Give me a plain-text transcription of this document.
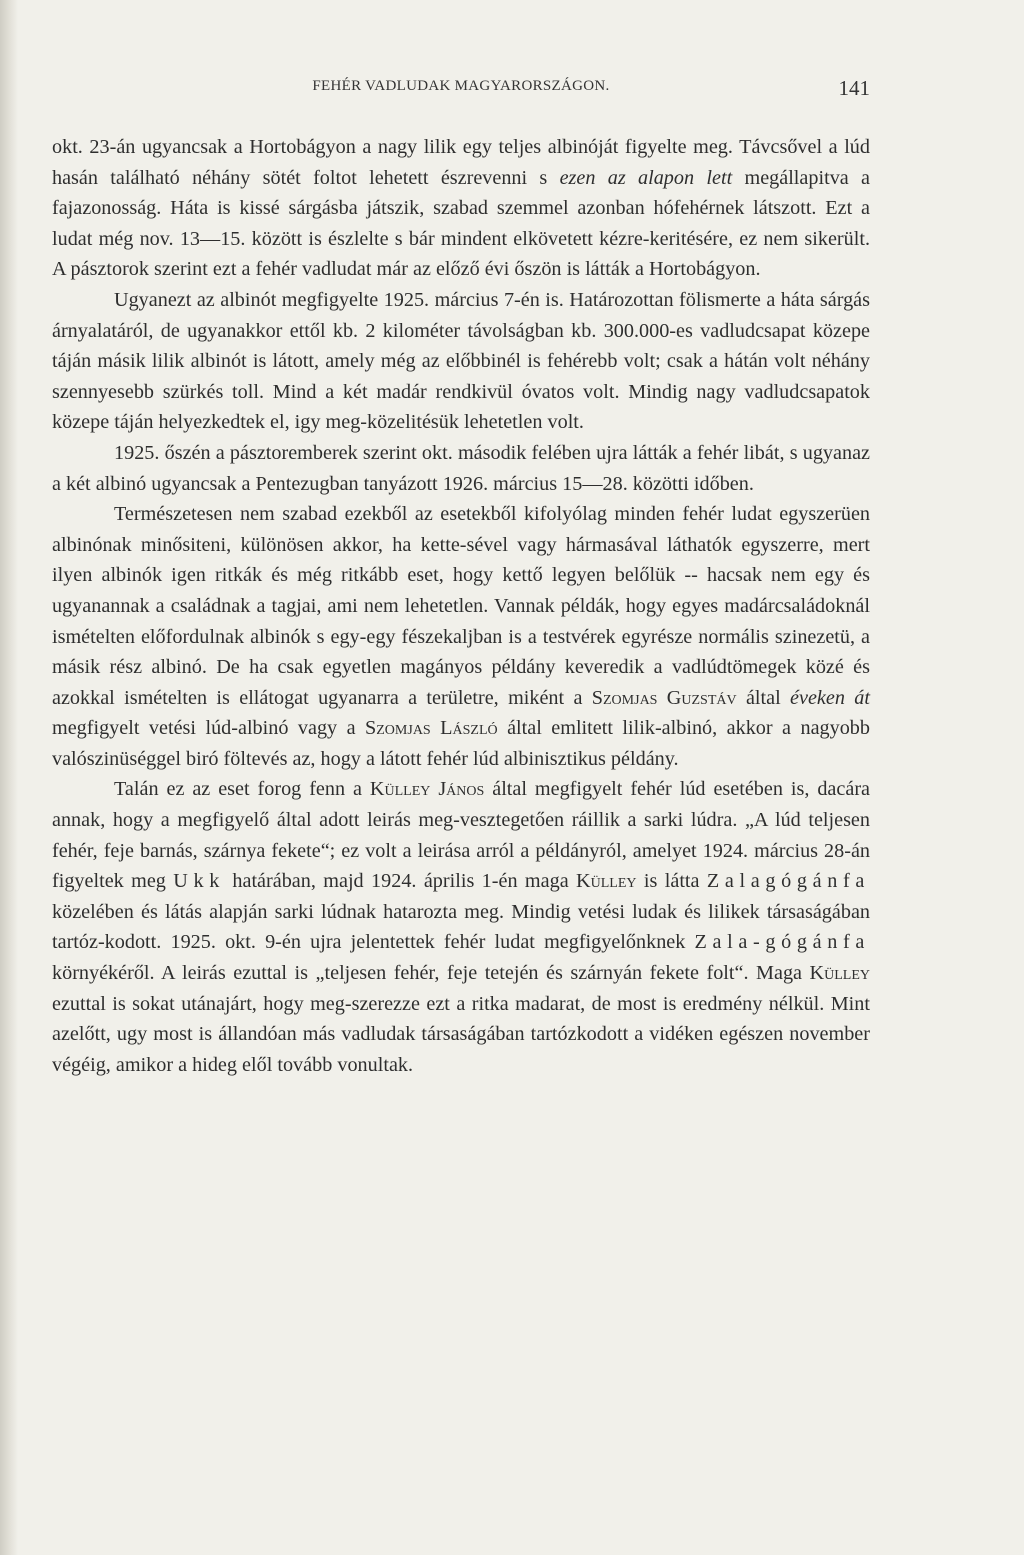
FEHÉR VADLUDAK MAGYARORSZÁGON.	141

okt. 23-án ugyancsak a Hortobágyon a nagy lilik egy teljes albinóját figyelte meg. Távcsővel a lúd hasán található néhány sötét foltot lehetett észrevenni s ezen az alapon lett megállapitva a fajazonosság. Háta is kissé sárgásba játszik, szabad szemmel azonban hófehérnek látszott. Ezt a ludat még nov. 13—15. között is észlelte s bár mindent elkövetett kézre-keritésére, ez nem sikerült. A pásztorok szerint ezt a fehér vadludat már az előző évi őszön is látták a Hortobágyon.

Ugyanezt az albinót megfigyelte 1925. március 7-én is. Határozottan fölismerte a háta sárgás árnyalatáról, de ugyanakkor ettől kb. 2 kilométer távolságban kb. 300.000-es vadludcsapat közepe táján másik lilik albinót is látott, amely még az előbbinél is fehérebb volt; csak a hátán volt néhány szennyesebb szürkés toll. Mind a két madár rendkivül óvatos volt. Mindig nagy vadludcsapatok közepe táján helyezkedtek el, igy meg-közelitésük lehetetlen volt.

1925. őszén a pásztoremberek szerint okt. második felében ujra látták a fehér libát, s ugyanaz a két albinó ugyancsak a Pentezugban tanyázott 1926. március 15—28. közötti időben.

Természetesen nem szabad ezekből az esetekből kifolyólag minden fehér ludat egyszerüen albinónak minősiteni, különösen akkor, ha kette-sével vagy hármasával láthatók egyszerre, mert ilyen albinók igen ritkák és még ritkább eset, hogy kettő legyen belőlük -- hacsak nem egy és ugyanannak a családnak a tagjai, ami nem lehetetlen. Vannak példák, hogy egyes madárcsaládoknál ismételten előfordulnak albinók s egy-egy fészekaljban is a testvérek egyrésze normális szinezetü, a másik rész albinó. De ha csak egyetlen magányos példány keveredik a vadlúdtömegek közé és azokkal ismételten is ellátogat ugyanarra a területre, miként a Szomjas Guzstáv által éveken át megfigyelt vetési lúd-albinó vagy a Szomjas László által emlitett lilik-albinó, akkor a nagyobb valószinüséggel biró föltevés az, hogy a látott fehér lúd albinisztikus példány.

Talán ez az eset forog fenn a Külley János által megfigyelt fehér lúd esetében is, dacára annak, hogy a megfigyelő által adott leirás meg-vesztegetően ráillik a sarki lúdra. „A lúd teljesen fehér, feje barnás, szárnya fekete“; ez volt a leirása arról a példányról, amelyet 1924. március 28-án figyeltek meg Ukk határában, majd 1924. április 1-én maga Külley is látta Zalagógánfa közelében és látás alapján sarki lúdnak hatarozta meg. Mindig vetési ludak és lilikek társaságában tartóz-kodott. 1925. okt. 9-én ujra jelentettek fehér ludat megfigyelőnknek Zala-gógánfa környékéről. A leirás ezuttal is „teljesen fehér, feje tetején és szárnyán fekete folt“. Maga Külley ezuttal is sokat utánajárt, hogy meg-szerezze ezt a ritka madarat, de most is eredmény nélkül. Mint azelőtt, ugy most is állandóan más vadludak társaságában tartózkodott a vidéken egészen november végéig, amikor a hideg elől tovább vonultak.
